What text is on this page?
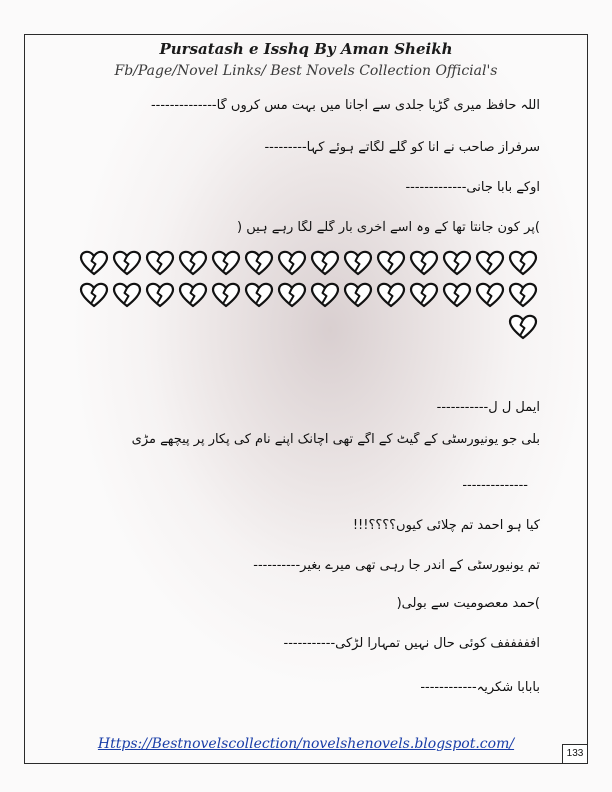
Pursatash e Isshq By Aman Sheikh
Fb/Page/Novel Links/ Best Novels Collection Official's
اللہ حافظ میری گڑیا جلدی سے آجانا میں بہت مس کروں گا--------------
سرفراز صاحب نے انا کو گلے لگاتے ہوئے کہا---------
اوکے بابا جانی-------------
)پر کون جانتا تھا کے وہ اسے آخری بار گلے لگا رہے ہیں (
ایمل ل ل-----------
بلی جو یونیورسٹی کے گیٹ کے اگے تھی اچانک اپنے نام کی پکار پر پیچھے مڑی
--------------
کیا ہو احمد تم چلائی کیوں؟؟؟؟!!!
تم یونیورسٹی کے اندر جا رہی تھی میرے بغیر----------
)حمد معصومیت سے بولی(
افففففف کوئی حال نہیں تمہارا لڑکی-----------
بابابا شکریہ------------
Https://Bestnovelscollection/novelshenovels.blogspot.com/
133
